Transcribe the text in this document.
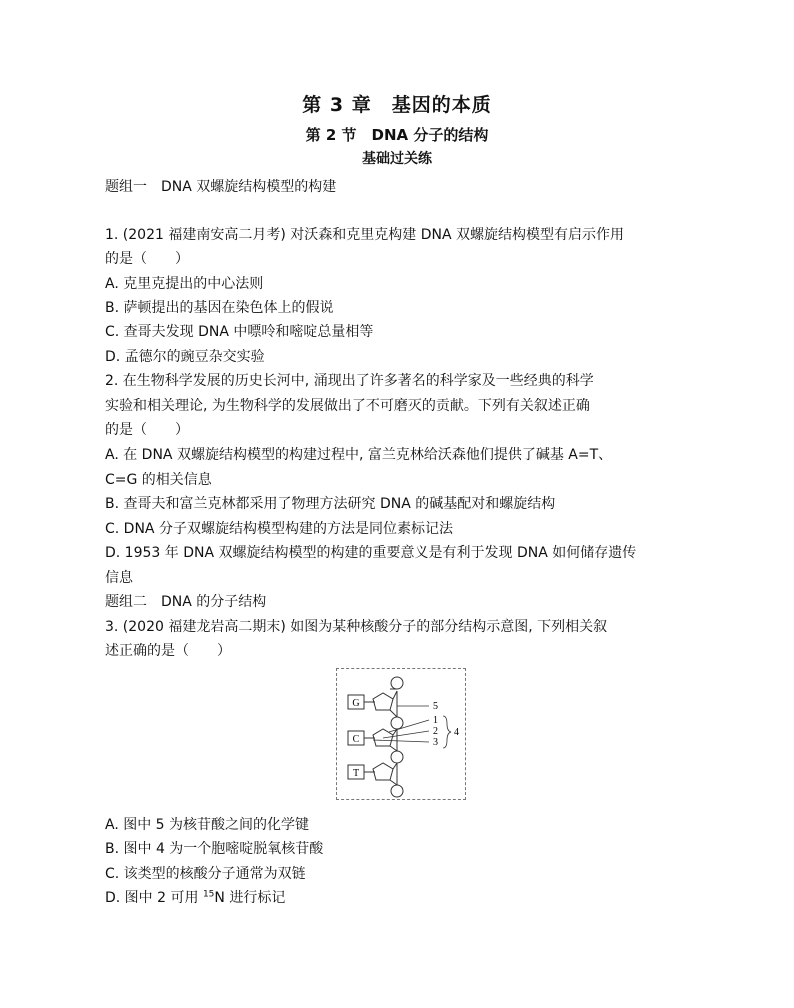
第 3 章　基因的本质
第 2 节　DNA 分子的结构
基础过关练
题组一　DNA 双螺旋结构模型的构建
1. (2021 福建南安高二月考) 对沃森和克里克构建 DNA 双螺旋结构模型有启示作用
的是（　　）
A. 克里克提出的中心法则
B. 萨顿提出的基因在染色体上的假说
C. 查哥夫发现 DNA 中嘌呤和嘧啶总量相等
D. 孟德尔的豌豆杂交实验
2. 在生物科学发展的历史长河中, 涌现出了许多著名的科学家及一些经典的科学
实验和相关理论, 为生物科学的发展做出了不可磨灭的贡献。下列有关叙述正确
的是（　　）
A. 在 DNA 双螺旋结构模型的构建过程中, 富兰克林给沃森他们提供了碱基 A=T、
C=G 的相关信息
B. 查哥夫和富兰克林都采用了物理方法研究 DNA 的碱基配对和螺旋结构
C. DNA 分子双螺旋结构模型构建的方法是同位素标记法
D. 1953 年 DNA 双螺旋结构模型的构建的重要意义是有利于发现 DNA 如何储存遗传
信息
题组二　DNA 的分子结构
3. (2020 福建龙岩高二期末) 如图为某种核酸分子的部分结构示意图, 下列相关叙
述正确的是（　　）
G
C
T
5
1
2
3
4
A. 图中 5 为核苷酸之间的化学键
B. 图中 4 为一个胞嘧啶脱氧核苷酸
C. 该类型的核酸分子通常为双链
D. 图中 2 可用 $^{15}$N 进行标记
